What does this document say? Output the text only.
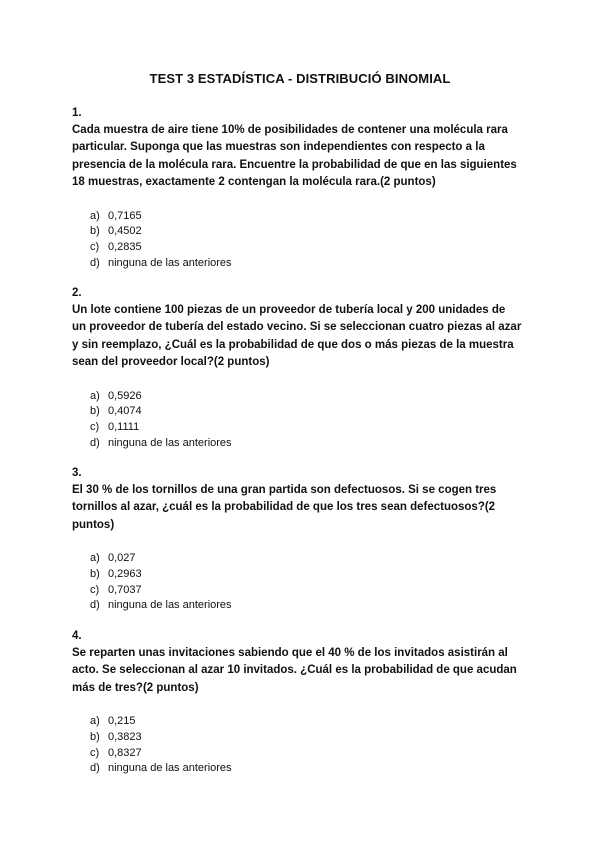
TEST 3 ESTADÍSTICA - DISTRIBUCIÓ BINOMIAL
1.

Cada muestra de aire tiene 10% de posibilidades de contener una molécula rara
particular. Suponga que las muestras son independientes con respecto a la
presencia de la molécula rara. Encuentre la probabilidad de que en las siguientes
18 muestras, exactamente 2 contengan la molécula rara.(2 puntos)

a) 0,7165
b) 0,4502
c) 0,2835
d) ninguna de las anteriores
2.

Un lote contiene 100 piezas de un proveedor de tubería local y 200 unidades de
un proveedor de tubería del estado vecino. Si se seleccionan cuatro piezas al azar
y sin reemplazo, ¿Cuál es la probabilidad de que dos o más piezas de la muestra
sean del proveedor local?(2 puntos)

a) 0,5926
b) 0,4074
c) 0,1111
d) ninguna de las anteriores
3.

El 30 % de los tornillos de una gran partida son defectuosos. Si se cogen tres
tornillos al azar, ¿cuál es la probabilidad de que los tres sean defectuosos?(2
puntos)

a) 0,027
b) 0,2963
c) 0,7037
d) ninguna de las anteriores
4.

Se reparten unas invitaciones sabiendo que el 40 % de los invitados asistirán al
acto. Se seleccionan al azar 10 invitados. ¿Cuál es la probabilidad de que acudan
más de tres?(2 puntos)

a) 0,215
b) 0,3823
c) 0,8327
d) ninguna de las anteriores
